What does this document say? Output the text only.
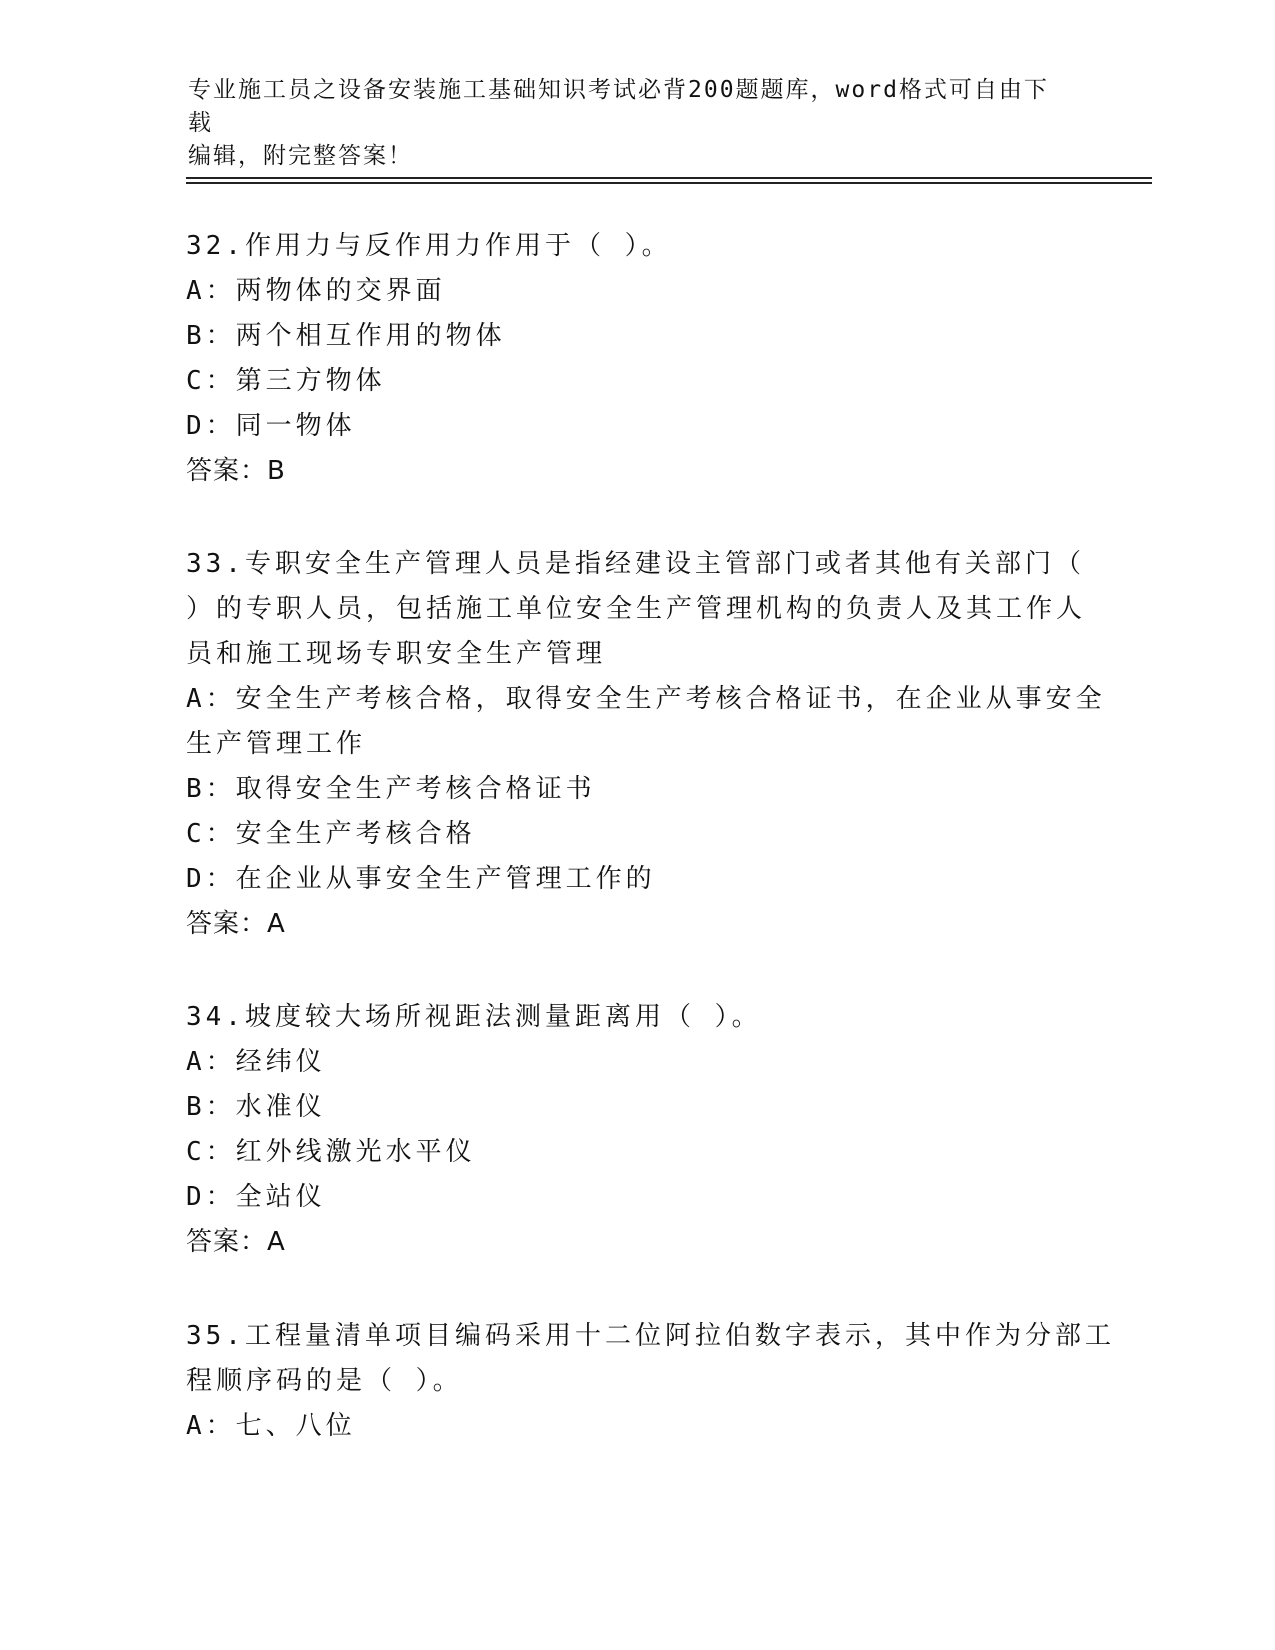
专业施工员之设备安装施工基础知识考试必背200题题库，word格式可自由下载
编辑，附完整答案！
32.作用力与反作用力作用于（ ）。
A：两物体的交界面
B：两个相互作用的物体
C：第三方物体
D：同一物体
答案：B
33.专职安全生产管理人员是指经建设主管部门或者其他有关部门（
）的专职人员，包括施工单位安全生产管理机构的负责人及其工作人
员和施工现场专职安全生产管理
A：安全生产考核合格，取得安全生产考核合格证书，在企业从事安全
生产管理工作
B：取得安全生产考核合格证书
C：安全生产考核合格
D：在企业从事安全生产管理工作的
答案：A
34.坡度较大场所视距法测量距离用（ ）。
A：经纬仪
B：水准仪
C：红外线激光水平仪
D：全站仪
答案：A
35.工程量清单项目编码采用十二位阿拉伯数字表示，其中作为分部工
程顺序码的是（ ）。
A：七、八位
